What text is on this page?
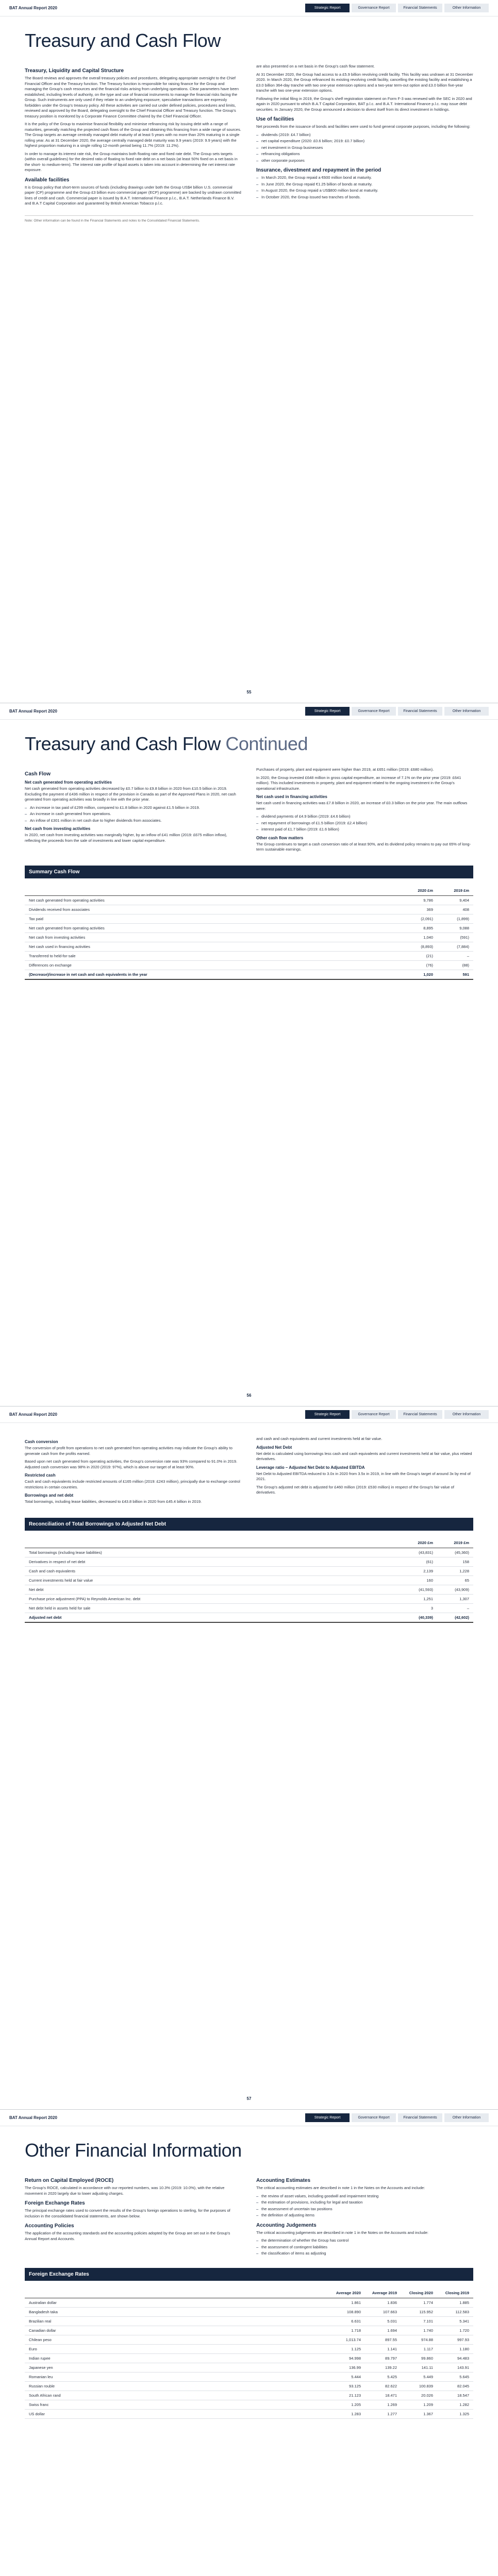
BAT Annual Report 2020	Strategic Report	Governance Report	Financial Statements	Other Information
Treasury and Cash Flow
Treasury, Liquidity and Capital Structure

The Board reviews and approves the overall treasury policies and procedures, delegating appropriate oversight to the Chief Financial Officer and the Treasury function. The Treasury function is responsible for raising finance for the Group and managing the Group's cash resources and the financial risks arising from underlying operations. Clear parameters have been established, including levels of authority, on the type and use of financial instruments to manage the financial risks facing the Group. Such instruments are only used if they relate to an underlying exposure; speculative transactions are expressly forbidden under the Group's treasury policy. All these activities are carried out under defined policies, procedures and limits, reviewed and approved by the Board, delegating oversight to the Chief Financial Officer and Treasury function. The Group's treasury position is monitored by a Corporate Finance Committee chaired by the Chief Financial Officer.

It is the policy of the Group to maximise financial flexibility and minimise refinancing risk by issuing debt with a range of maturities, generally matching the projected cash flows of the Group and obtaining this financing from a wide range of sources. The Group targets an average centrally managed debt maturity of at least 5 years with no more than 20% maturing in a single rolling year. As at 31 December 2020, the average centrally managed debt maturity was 9.9 years (2019: 9.9 years) with the highest proportion maturing in a single rolling 12-month period being 11.7% (2019: 11.2%).

In order to manage its interest rate risk, the Group maintains both floating rate and fixed rate debt. The Group sets targets (within overall guidelines) for the desired ratio of floating to fixed rate debt on a net basis (at least 50% fixed on a net basis in the short- to medium-term). The interest rate profile of liquid assets is taken into account in determining the net interest rate exposure.

Available facilities

It is Group policy that short-term sources of funds (including drawings under both the Group US$4 billion U.S. commercial paper (CP) programme and the Group £3 billion euro commercial paper (ECP) programme) are backed by undrawn committed lines of credit and cash. Commercial paper is issued by B.A.T. International Finance p.l.c., B.A.T. Netherlands Finance B.V. and B.A.T Capital Corporation and guaranteed by British American Tobacco p.l.c.

are also presented on a net basis in the Group's cash flow statement.

At 31 December 2020, the Group had access to a £5.9 billion revolving credit facility. This facility was undrawn at 31 December 2020. In March 2020, the Group refinanced its existing revolving credit facility, cancelling the existing facility and establishing a £3.0 billion 364-day tranche with two one-year extension options and a two-year term-out option and £3.0 billion five-year tranche with two one-year extension options.

Following the initial filing in 2019, the Group's shelf registration statement on Form F-3 was renewed with the SEC in 2020 and again in 2020 pursuant to which B.A.T Capital Corporation, BAT p.l.c. and B.A.T. International Finance p.l.c. may issue debt securities. In January 2020, the Group announced a decision to divest itself from its direct investment in holdings.

Use of facilities

Net proceeds from the issuance of bonds and facilities were used to fund general corporate purposes, including the following:

– dividends (2019: £4.7 billion)
– net capital expenditure (2020: £0.6 billion; 2019: £0.7 billion)
– net investment in Group businesses
– refinancing obligations
– other corporate purposes
Insurance, divestment and repayment in the period
– In March 2020, the Group repaid a €600 million bond at maturity.
– In June 2020, the Group repaid €1.25 billion of bonds at maturity.
– In August 2020, the Group repaid a US$800 million bond at maturity.
– In October 2020, the Group issued two tranches of bonds.
Note: Other information can be found in the Financial Statements and notes to the Consolidated Financial Statements.
55
BAT Annual Report 2020	Strategic Report	Governance Report	Financial Statements	Other Information
Treasury and Cash Flow Continued
Cash Flow
Net cash generated from operating activities

Net cash generated from operating activities decreased by £0.7 billion to £9.8 billion in 2020 from £10.5 billion in 2019. Excluding the payment of £436 million in respect of the provision in Canada as part of the Approved Plans in 2020, net cash generated from operating activities was broadly in line with the prior year.

– An increase in tax paid of £299 million, compared to £1.8 billion in 2020 against £1.5 billion in 2019.
– An increase in cash generated from operations.
– An inflow of £301 million in net cash due to higher dividends from associates.
Net cash from investing activities

In 2020, net cash from investing activities was marginally higher, by an inflow of £41 million (2019: £675 million inflow), reflecting the proceeds from the sale of investments and lower capital expenditure.

Purchases of property, plant and equipment were higher than 2019, at £651 million (2019: £680 million).

In 2020, the Group invested £648 million in gross capital expenditure, an increase of 7.1% on the prior year (2019: £641 million). This included investments in property, plant and equipment related to the ongoing investment in the Group's operational infrastructure.

Net cash used in financing activities

Net cash used in financing activities was £7.8 billion in 2020, an increase of £0.3 billion on the prior year. The main outflows were:

– dividend payments of £4.9 billion (2019: £4.6 billion)
– net repayment of borrowings of £1.5 billion (2019: £2.4 billion)
– interest paid of £1.7 billion (2019: £1.6 billion)
Other cash flow matters

The Group continues to target a cash conversion ratio of at least 90%, and its dividend policy remains to pay out 65% of long-term sustainable earnings.

Summary Cash Flow
	2020 £m	2019 £m
Net cash generated from operating activities	9,786	9,404
Dividends received from associates	369	408
Tax paid	(2,091)	(1,899)
Net cash generated from operating activities	8,895	9,088
Net cash from investing activities	1,040	(591)
Net cash used in financing activities	(8,893)	(7,884)
Transferred to held-for-sale	(21)	–
Differences on exchange	(76)	(88)
(Decrease)/increase in net cash and cash equivalents in the year	1,020	591
56
BAT Annual Report 2020	Strategic Report	Governance Report	Financial Statements	Other Information
Cash conversion

The conversion of profit from operations to net cash generated from operating activities may indicate the Group's ability to generate cash from the profits earned.

Based upon net cash generated from operating activities, the Group's conversion rate was 93% compared to 91.0% in 2019. Adjusted cash conversion was 98% in 2020 (2019: 97%), which is above our target of at least 90%.

Restricted cash

Cash and cash equivalents include restricted amounts of £165 million (2019: £243 million), principally due to exchange control restrictions in certain countries.

Borrowings and net debt

Total borrowings, including lease liabilities, decreased to £43.8 billion in 2020 from £45.4 billion in 2019.

and cash and cash equivalents and current investments held at fair value.

Adjusted Net Debt

Net debt is calculated using borrowings less cash and cash equivalents and current investments held at fair value, plus related derivatives.

Leverage ratio – Adjusted Net Debt to Adjusted EBITDA

Net Debt to Adjusted EBITDA reduced to 3.0x in 2020 from 3.5x in 2019, in line with the Group's target of around 3x by end of 2021.

The Group's adjusted net debt is adjusted for £460 million (2019: £530 million) in respect of the Group's fair value of derivatives.

Reconciliation of Total Borrowings to Adjusted Net Debt
	2020 £m	2019 £m
Total borrowings (including lease liabilities)	(43,831)	(45,360)
Derivatives in respect of net debt	(61)	158
Cash and cash equivalents	2,139	1,228
Current investments held at fair value	160	65
Net debt	(41,593)	(43,909)
Purchase price adjustment (PPA) to Reynolds American Inc. debt	1,251	1,307
Net debt held in assets held for sale	3	–
Adjusted net debt	(40,339)	(42,602)
57
BAT Annual Report 2020	Strategic Report	Governance Report	Financial Statements	Other Information
Other Financial Information
Return on Capital Employed (ROCE)

The Group's ROCE, calculated in accordance with our reported numbers, was 10.3% (2019: 10.0%), with the relative movement in 2020 largely due to lower adjusting charges.

Foreign Exchange Rates

The principal exchange rates used to convert the results of the Group's foreign operations to sterling, for the purposes of inclusion in the consolidated financial statements, are shown below.

Accounting Policies

The application of the accounting standards and the accounting policies adopted by the Group are set out in the Group's Annual Report and Accounts.

Accounting Estimates

The critical accounting estimates are described in note 1 in the Notes on the Accounts and include:

– the review of asset values, including goodwill and impairment testing
– the estimation of provisions, including for legal and taxation
– the assessment of uncertain tax positions
– the definition of adjusting items
Accounting Judgements

The critical accounting judgements are described in note 1 in the Notes on the Accounts and include:

– the determination of whether the Group has control
– the assessment of contingent liabilities
– the classification of items as adjusting
Foreign Exchange Rates
	Average 2020	Average 2019	Closing 2020	Closing 2019
Australian dollar	1.861	1.836	1.774	1.885
Bangladesh taka	108.890	107.663	115.952	112.583
Brazilian real	6.631	5.031	7.101	5.341
Canadian dollar	1.718	1.694	1.740	1.720
Chilean peso	1,013.74	897.55	974.88	997.93
Euro	1.125	1.141	1.117	1.180
Indian rupee	94.998	89.797	99.860	94.483
Japanese yen	136.99	139.22	141.11	143.91
Romanian leu	5.444	5.425	5.449	5.645
Russian rouble	93.125	82.622	100.839	82.045
South African rand	21.123	18.471	20.026	18.547
Swiss franc	1.205	1.269	1.209	1.282
US dollar	1.283	1.277	1.367	1.325
